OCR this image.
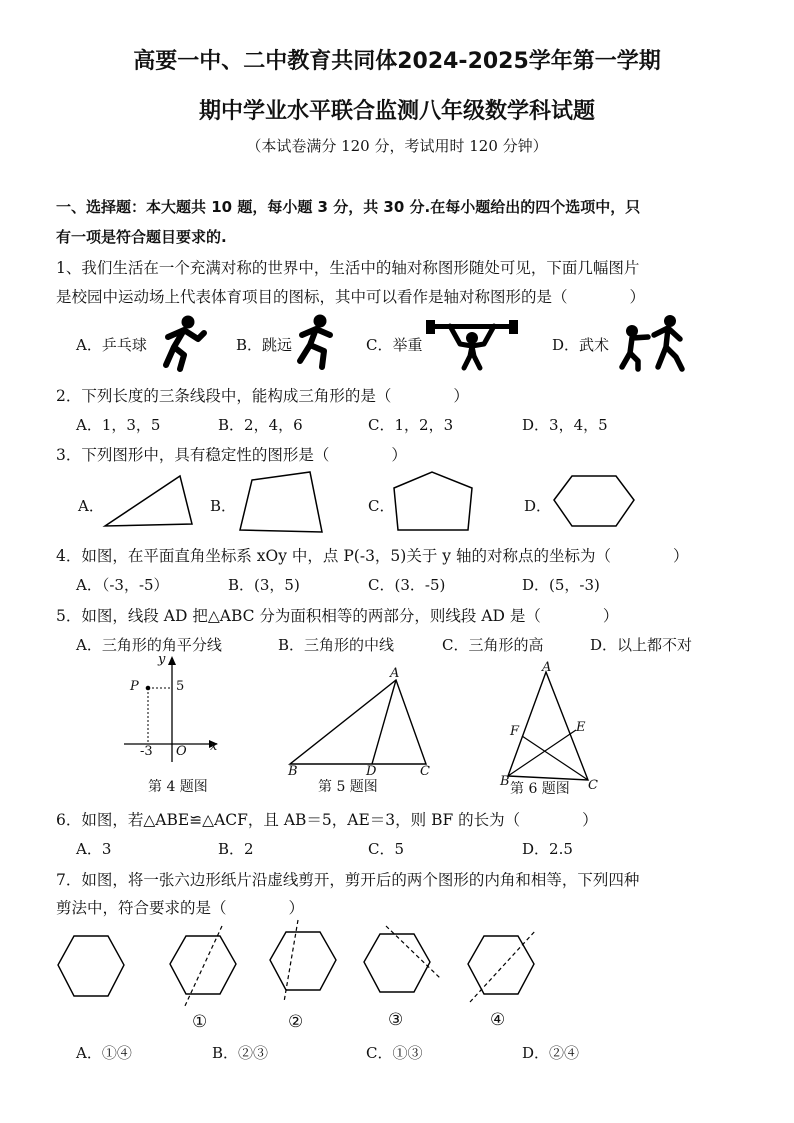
高要一中、二中教育共同体2024-2025学年第一学期
期中学业水平联合监测八年级数学科试题
（本试卷满分 120 分，考试用时 120 分钟）
一、选择题：本大题共 10 题，每小题 3 分，共 30 分.在每小题给出的四个选项中，只
有一项是符合题目要求的.
1、我们生活在一个充满对称的世界中，生活中的轴对称图形随处可见，下面几幅图片
是校园中运动场上代表体育项目的图标，其中可以看作是轴对称图形的是（　　　　）
A．乒乓球	B．跳远	C．举重	D．武术
2．下列长度的三条线段中，能构成三角形的是（　　　　）
A．1，3，5	B．2，4，6	C．1，2，3	D．3，4，5
3．下列图形中，具有稳定性的图形是（　　　　）
A．	B．	C．	D．
4．如图，在平面直角坐标系 xOy 中，点 P(-3，5)关于 y 轴的对称点的坐标为（　　　　）
A．（-3，-5）	B．(3，5)	C．(3．-5)	D．(5，-3)
5．如图，线段 AD 把△ABC 分为面积相等的两部分，则线段 AD 是（　　　　）
A．三角形的角平分线	B．三角形的中线	C．三角形的高	D．以上都不对
y
x
P	5
-3 O
第 4 题图
A
B	D	C
第 5 题图
A
F	E
B	C
第 6 题图
6．如图，若△ABE≌△ACF，且 AB＝5，AE＝3，则 BF 的长为（　　　　）
A．3	B．2	C．5	D．2.5
7．如图，将一张六边形纸片沿虚线剪开，剪开后的两个图形的内角和相等，下列四种
剪法中，符合要求的是（　　　　）
①	②	③	④
A．①④	B．②③	C．①③	D．②④
